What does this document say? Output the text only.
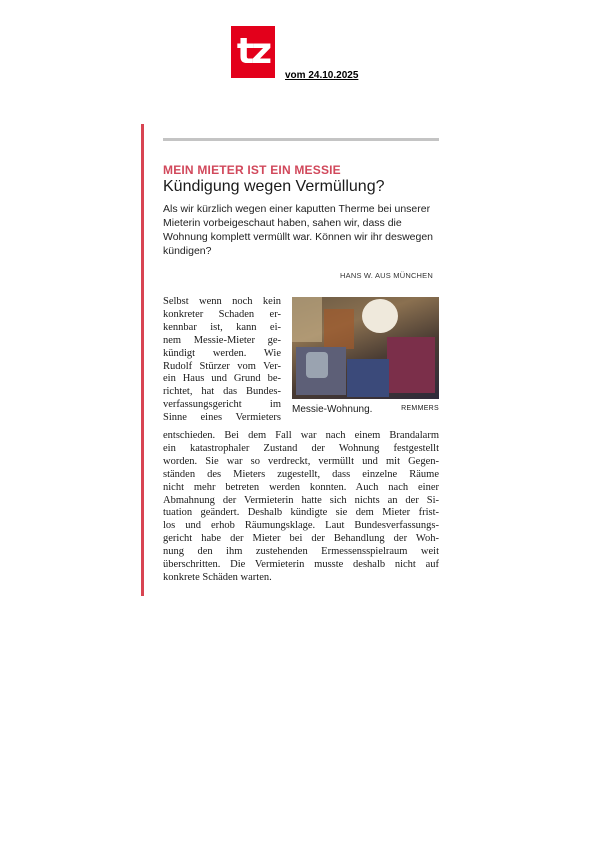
tz
vom 24.10.2025
MEIN MIETER IST EIN MESSIE
Kündigung wegen Vermüllung?
Als wir kürzlich wegen einer kaputten Therme bei unserer Mieterin vorbeigeschaut haben, sahen wir, dass die Wohnung komplett vermüllt war. Können wir ihr deswegen kündigen?
HANS W. AUS MÜNCHEN
Messie-Wohnung.	REMMERS
Selbst wenn noch kein
konkreter Schaden er-
kennbar ist, kann ei-
nem Messie-Mieter ge-
kündigt werden. Wie
Rudolf Stürzer vom Ver-
ein Haus und Grund be-
richtet, hat das Bundes-
verfassungsgericht im
Sinne eines Vermieters
entschieden. Bei dem Fall war nach einem Brandalarm
ein katastrophaler Zustand der Wohnung festgestellt
worden. Sie war so verdreckt, vermüllt und mit Gegen-
ständen des Mieters zugestellt, dass einzelne Räume
nicht mehr betreten werden konnten. Auch nach einer
Abmahnung der Vermieterin hatte sich nichts an der Si-
tuation geändert. Deshalb kündigte sie dem Mieter frist-
los und erhob Räumungsklage. Laut Bundesverfassungs-
gericht habe der Mieter bei der Behandlung der Woh-
nung den ihm zustehenden Ermessensspielraum weit
überschritten. Die Vermieterin musste deshalb nicht auf
konkrete Schäden warten.
